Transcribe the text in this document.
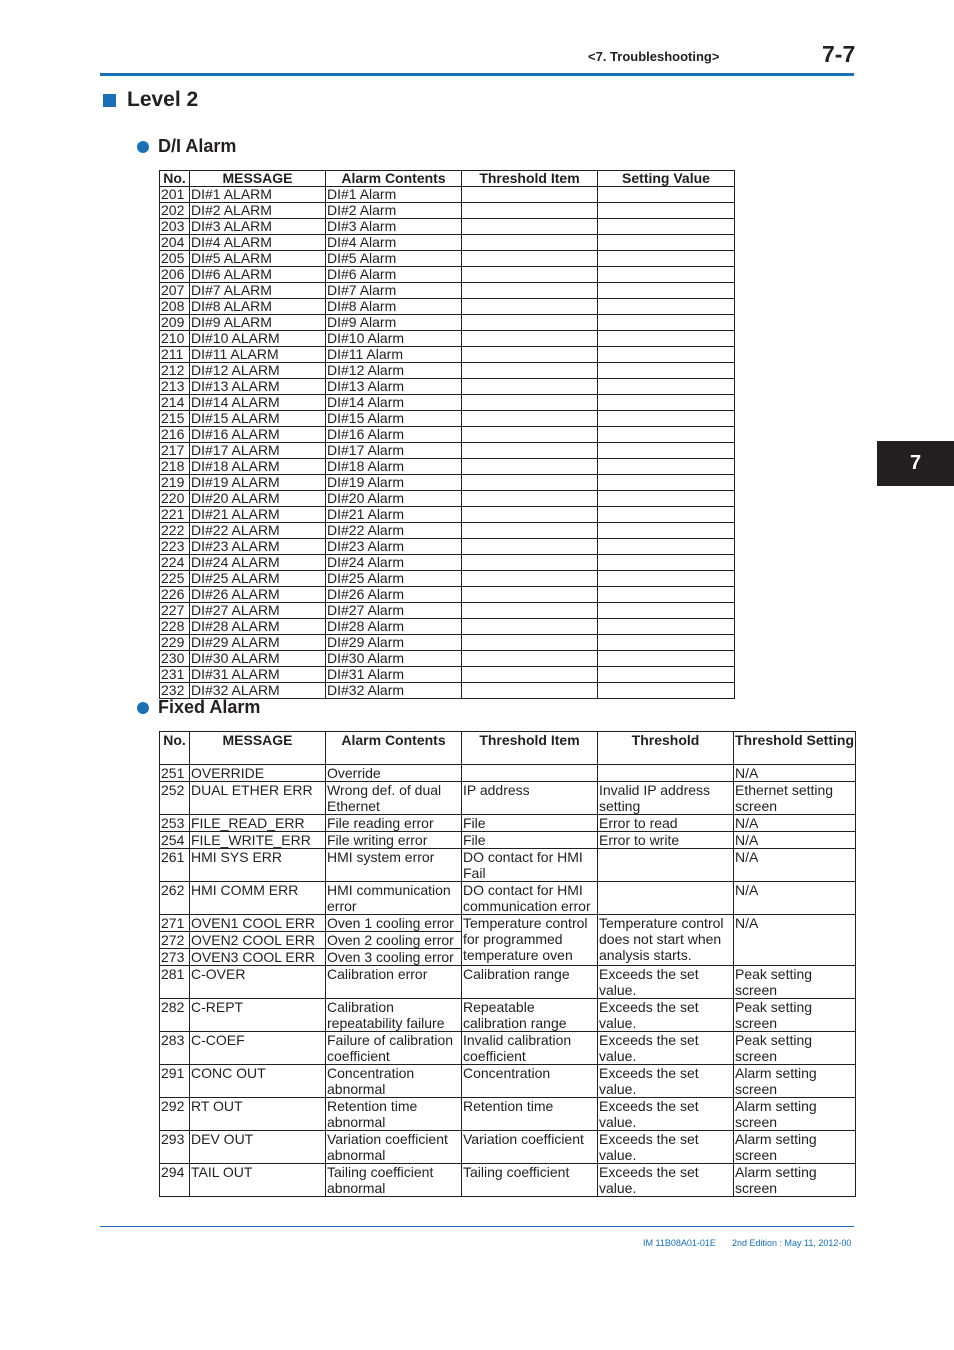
<7. Troubleshooting>	7-7
Level 2
D/I Alarm
No.	MESSAGE	Alarm Contents	Threshold Item	Setting Value
201	DI#1 ALARM	DI#1 Alarm		
202	DI#2 ALARM	DI#2 Alarm		
203	DI#3 ALARM	DI#3 Alarm		
204	DI#4 ALARM	DI#4 Alarm		
205	DI#5 ALARM	DI#5 Alarm		
206	DI#6 ALARM	DI#6 Alarm		
207	DI#7 ALARM	DI#7 Alarm		
208	DI#8 ALARM	DI#8 Alarm		
209	DI#9 ALARM	DI#9 Alarm		
210	DI#10 ALARM	DI#10 Alarm		
211	DI#11 ALARM	DI#11 Alarm		
212	DI#12 ALARM	DI#12 Alarm		
213	DI#13 ALARM	DI#13 Alarm		
214	DI#14 ALARM	DI#14 Alarm		
215	DI#15 ALARM	DI#15 Alarm		
216	DI#16 ALARM	DI#16 Alarm		
217	DI#17 ALARM	DI#17 Alarm		
218	DI#18 ALARM	DI#18 Alarm		
219	DI#19 ALARM	DI#19 Alarm		
220	DI#20 ALARM	DI#20 Alarm		
221	DI#21 ALARM	DI#21 Alarm		
222	DI#22 ALARM	DI#22 Alarm		
223	DI#23 ALARM	DI#23 Alarm		
224	DI#24 ALARM	DI#24 Alarm		
225	DI#25 ALARM	DI#25 Alarm		
226	DI#26 ALARM	DI#26 Alarm		
227	DI#27 ALARM	DI#27 Alarm		
228	DI#28 ALARM	DI#28 Alarm		
229	DI#29 ALARM	DI#29 Alarm		
230	DI#30 ALARM	DI#30 Alarm		
231	DI#31 ALARM	DI#31 Alarm		
232	DI#32 ALARM	DI#32 Alarm		
Fixed Alarm
No.	MESSAGE	Alarm Contents	Threshold Item	Threshold	Threshold Setting
251	OVERRIDE	Override			N/A
252	DUAL ETHER ERR	Wrong def. of dual Ethernet	IP address	Invalid IP address setting	Ethernet setting screen
253	FILE_READ_ERR	File reading error	File	Error to read	N/A
254	FILE_WRITE_ERR	File writing error	File	Error to write	N/A
261	HMI SYS ERR	HMI system error	DO contact for HMI Fail		N/A
262	HMI COMM ERR	HMI communication error	DO contact for HMI communication error		N/A
271	OVEN1 COOL ERR	Oven 1 cooling error	Temperature control for programmed temperature oven	Temperature control does not start when analysis starts.	N/A
272	OVEN2 COOL ERR	Oven 2 cooling error			
273	OVEN3 COOL ERR	Oven 3 cooling error			
281	C-OVER	Calibration error	Calibration range	Exceeds the set value.	Peak setting screen
282	C-REPT	Calibration repeatability failure	Repeatable calibration range	Exceeds the set value.	Peak setting screen
283	C-COEF	Failure of calibration coefficient	Invalid calibration coefficient	Exceeds the set value.	Peak setting screen
291	CONC OUT	Concentration abnormal	Concentration	Exceeds the set value.	Alarm setting screen
292	RT OUT	Retention time abnormal	Retention time	Exceeds the set value.	Alarm setting screen
293	DEV OUT	Variation coefficient abnormal	Variation coefficient	Exceeds the set value.	Alarm setting screen
294	TAIL OUT	Tailing coefficient abnormal	Tailing coefficient	Exceeds the set value.	Alarm setting screen
7
IM 11B08A01-01E 2nd Edition : May 11, 2012-00
